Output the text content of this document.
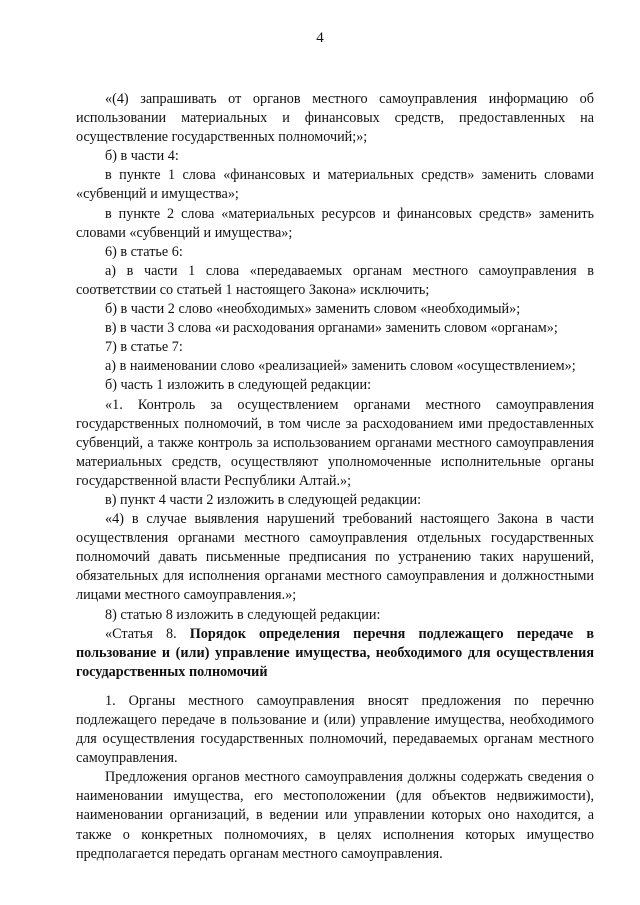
4

«(4) запрашивать от органов местного самоуправления информацию об использовании материальных и финансовых средств, предоставленных на осуществление государственных полномочий;»;

б) в части 4:

в пункте 1 слова «финансовых и материальных средств» заменить словами «субвенций и имущества»;

в пункте 2 слова «материальных ресурсов и финансовых средств» заменить словами «субвенций и имущества»;

6) в статье 6:

а) в части 1 слова «передаваемых органам местного самоуправления в соответствии со статьей 1 настоящего Закона» исключить;

б) в части 2 слово «необходимых» заменить словом «необходимый»;

в) в части 3 слова «и расходования органами» заменить словом «органам»;

7) в статье 7:

а) в наименовании слово «реализацией» заменить словом «осуществлением»;

б) часть 1 изложить в следующей редакции:

«1. Контроль за осуществлением органами местного самоуправления государственных полномочий, в том числе за расходованием ими предоставленных субвенций, а также контроль за использованием органами местного самоуправления материальных средств, осуществляют уполномоченные исполнительные органы государственной власти Республики Алтай.»;

в) пункт 4 части 2 изложить в следующей редакции:

«4) в случае выявления нарушений требований настоящего Закона в части осуществления органами местного самоуправления отдельных государственных полномочий давать письменные предписания по устранению таких нарушений, обязательных для исполнения органами местного самоуправления и должностными лицами местного самоуправления.»;

8) статью 8 изложить в следующей редакции:

«Статья 8. Порядок определения перечня подлежащего передаче в пользование и (или) управление имущества, необходимого для осуществления государственных полномочий

1. Органы местного самоуправления вносят предложения по перечню подлежащего передаче в пользование и (или) управление имущества, необходимого для осуществления государственных полномочий, передаваемых органам местного самоуправления.

Предложения органов местного самоуправления должны содержать сведения о наименовании имущества, его местоположении (для объектов недвижимости), наименовании организаций, в ведении или управлении которых оно находится, а также о конкретных полномочиях, в целях исполнения которых имущество предполагается передать органам местного самоуправления.
